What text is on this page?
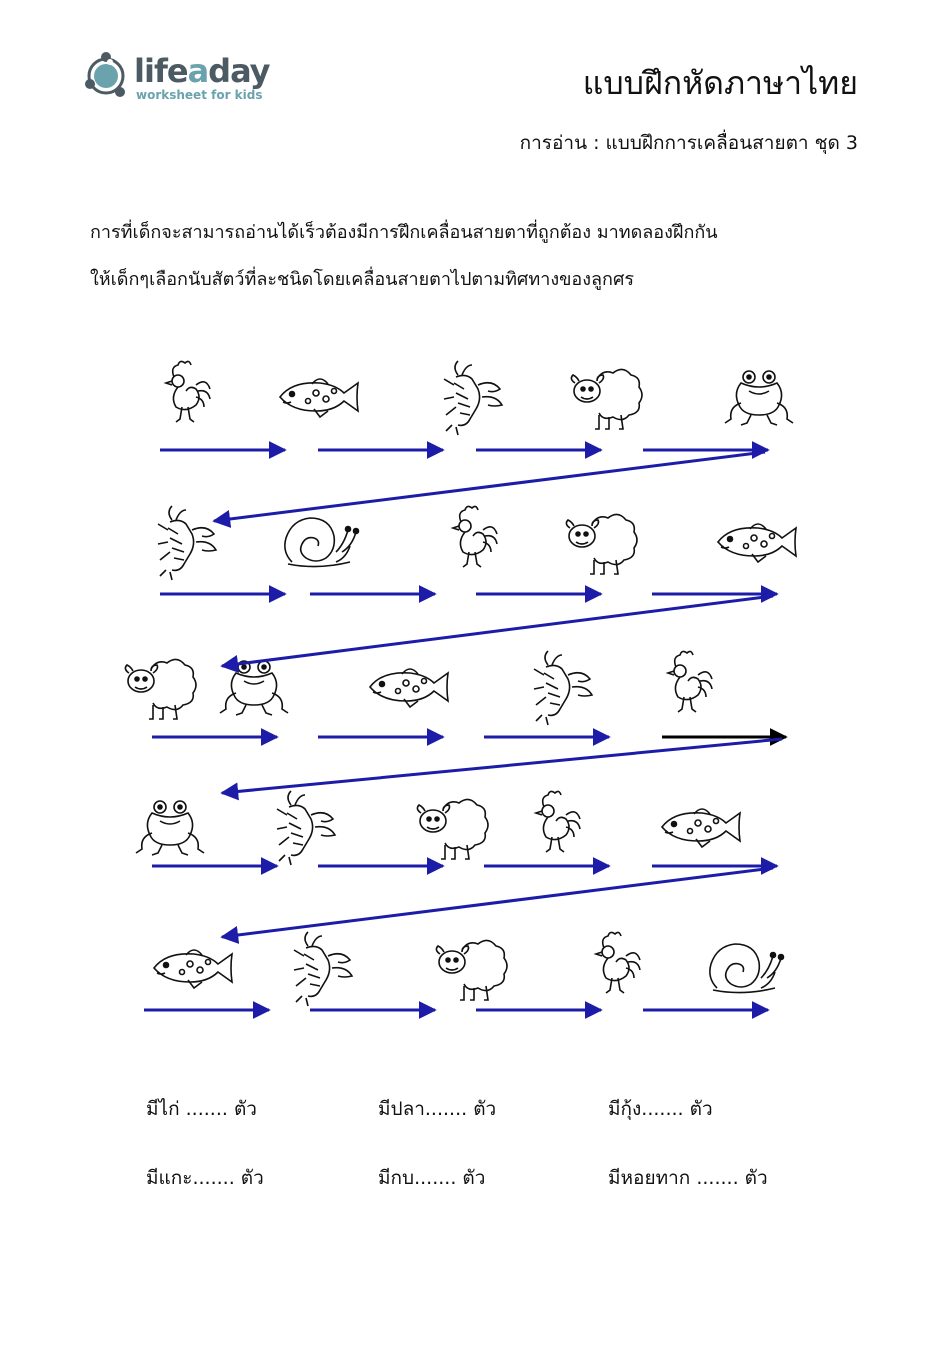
lifeaday
worksheet for kids	แบบฝึกหัดภาษาไทย
การอ่าน : แบบฝึกการเคลื่อนสายตา ชุด 3
การที่เด็กจะสามารถอ่านได้เร็วต้องมีการฝึกเคลื่อนสายตาที่ถูกต้อง มาทดลองฝึกกัน
ให้เด็กๆเลือกนับสัตว์ที่ละชนิดโดยเคลื่อนสายตาไปตามทิศทางของลูกศร
มีไก่ ....... ตัว	มีปลา....... ตัว	มีกุ้ง....... ตัว
มีแกะ....... ตัว	มีกบ....... ตัว	มีหอยทาก ....... ตัว
